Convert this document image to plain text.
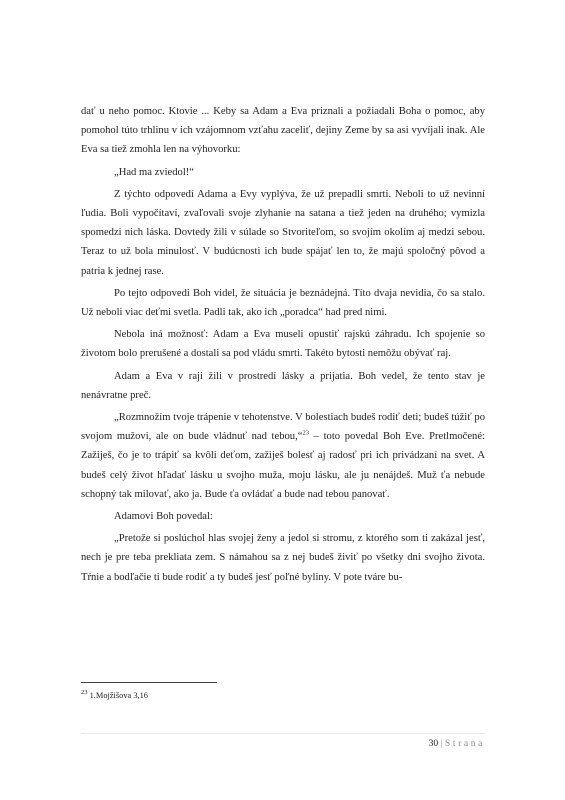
dať u neho pomoc. Ktovie ... Keby sa Adam a Eva priznali a požiadali Boha o pomoc, aby pomohol túto trhlinu v ich vzájomnom vzťahu zaceliť, dejiny Zeme by sa asi vyvíjali inak. Ale Eva sa tiež zmohla len na výhovorku:

„Had ma zviedol!“

Z týchto odpovedí Adama a Evy vyplýva, že už prepadli smrti. Neboli to už nevinní ľudia. Boli vypočítaví, zvaľovali svoje zlyhanie na satana a tiež jeden na druhého; vymizla spomedzi nich láska. Dovtedy žili v súlade so Stvoriteľom, so svojím okolím aj medzi sebou. Teraz to už bola minulosť. V budúcnosti ich bude spájať len to, že majú spoločný pôvod a patria k jednej rase.

Po tejto odpovedi Boh videl, že situácia je beznádejná. Títo dvaja nevidia, čo sa stalo. Už neboli viac deťmi svetla. Padli tak, ako ich „poradca“ had pred nimi.

Nebola iná možnosť: Adam a Eva museli opustiť rajskú záhradu. Ich spojenie so životom bolo prerušené a dostali sa pod vládu smrti. Takéto bytosti nemôžu obývať raj.

Adam a Eva v raji žili v prostredí lásky a prijatia. Boh vedel, že tento stav je nenávratne preč.

„Rozmnožím tvoje trápenie v tehotenstve. V bolestiach budeš rodiť deti; budeš túžiť po svojom mužovi, ale on bude vládnuť nad tebou,“$^{23}$ – toto povedal Boh Eve. Pretlmočené: Zažiješ, čo je to trápiť sa kvôli deťom, zažiješ bolesť aj radosť pri ich privádzaní na svet. A budeš celý život hľadať lásku u svojho muža, moju lásku, ale ju nenájdeš. Muž ťa nebude schopný tak milovať, ako ja. Bude ťa ovládať a bude nad tebou panovať.

Adamovi Boh povedal:

„Pretože si poslúchol hlas svojej ženy a jedol si stromu, z ktorého som ti zakázal jesť, nech je pre teba prekliata zem. S námahou sa z nej budeš živiť po všetky dni svojho života. Tŕnie a bodľačie ti bude rodiť a ty budeš jesť poľné byliny. V pote tváre bu-

$^{23}$ 1.Mojžišova 3,16
30 | Strana
